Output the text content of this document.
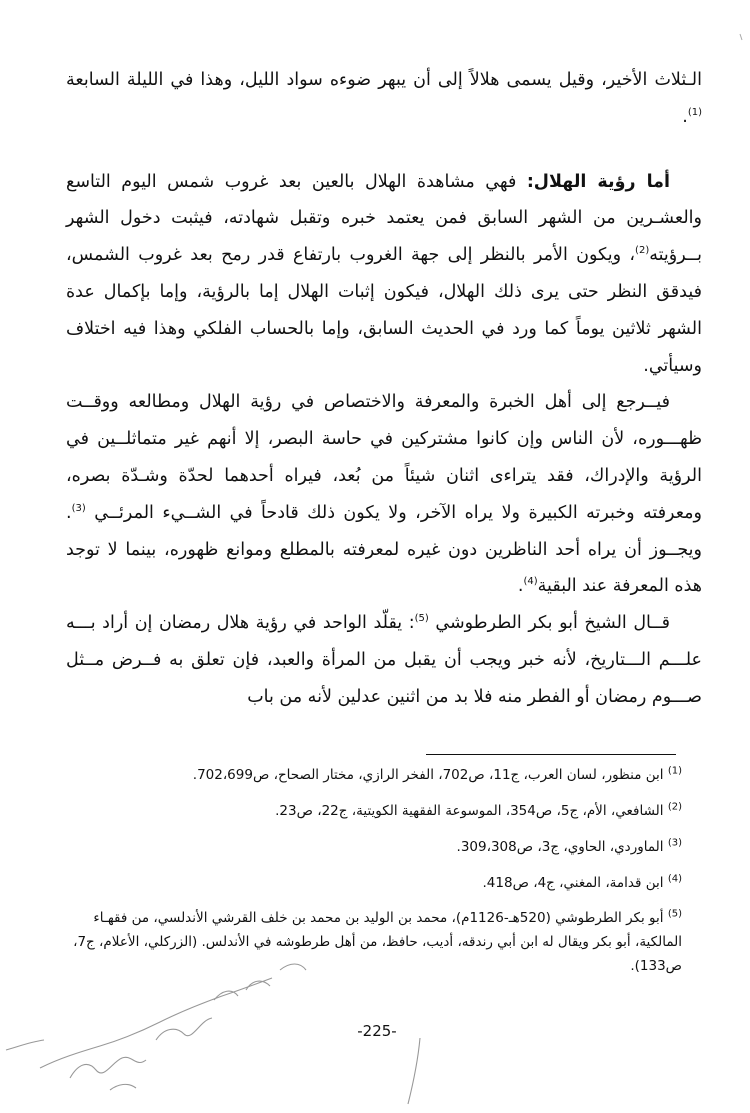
الـثلاث الأخير، وقيل يسمى هلالاً إلى أن يبهر ضوءه سواد الليل، وهذا في الليلة السابعة $^{(1)}$.

أما رؤية الهلال: فهي مشاهدة الهلال بالعين بعد غروب شمس اليوم التاسع والعشـرين من الشهر السابق فمن يعتمد خبره وتقبل شهادته، فيثبت دخول الشهر بــرؤيته$^{(2)}$، ويكون الأمر بالنظر إلى جهة الغروب بارتفاع قدر رمح بعد غروب الشمس، فيدقق النظر حتى يرى ذلك الهلال، فيكون إثبات الهلال إما بالرؤية، وإما بإكمال عدة الشهر ثلاثين يوماً كما ورد في الحديث السابق، وإما بالحساب الفلكي وهذا فيه اختلاف وسيأتي.

فيــرجع إلى أهل الخبرة والمعرفة والاختصاص في رؤية الهلال ومطالعه ووقــت ظهـــوره، لأن الناس وإن كانوا مشتركين في حاسة البصر، إلا أنهم غير متماثلــين في الرؤية والإدراك، فقد يتراءى اثنان شيئاً من بُعد، فيراه أحدهما لحدّة وشـدّة بصره، ومعرفته وخبرته الكبيرة ولا يراه الآخر، ولا يكون ذلك قادحاً في الشــيء المرئــي $^{(3)}$. ويجــوز أن يراه أحد الناظرين دون غيره لمعرفته بالمطلع وموانع ظهوره، بينما لا توجد هذه المعرفة عند البقية$^{(4)}$.

قــال الشيخ أبو بكر الطرطوشي $^{(5)}$: يقلّد الواحد في رؤية هلال رمضان إن أراد بـــه علـــم الـــتاريخ، لأنه خبر ويجب أن يقبل من المرأة والعبد، فإن تعلق به فــرض مــثل صـــوم رمضان أو الفطر منه فلا بد من اثنين عدلين لأنه من باب

$^{(1)}$ ابن منظور، لسان العرب، ج11، ص702، الفخر الرازي، مختار الصحاح، ص702،699.

$^{(2)}$ الشافعي، الأم، ج5، ص354، الموسوعة الفقهية الكويتية، ج22، ص23.

$^{(3)}$ الماوردي، الحاوي، ج3، ص309،308.

$^{(4)}$ ابن قدامة، المغني، ج4، ص418.

$^{(5)}$ أبو بكر الطرطوشي (520هـ-1126م)، محمد بن الوليد بن محمد بن خلف القرشي الأندلسي، من فقهـاء المالكية، أبو بكر ويقال له ابن أبي رندقه، أديب، حافظ، من أهل طرطوشه في الأندلس. (الزركلي، الأعلام، ج7، ص133).

-225-
